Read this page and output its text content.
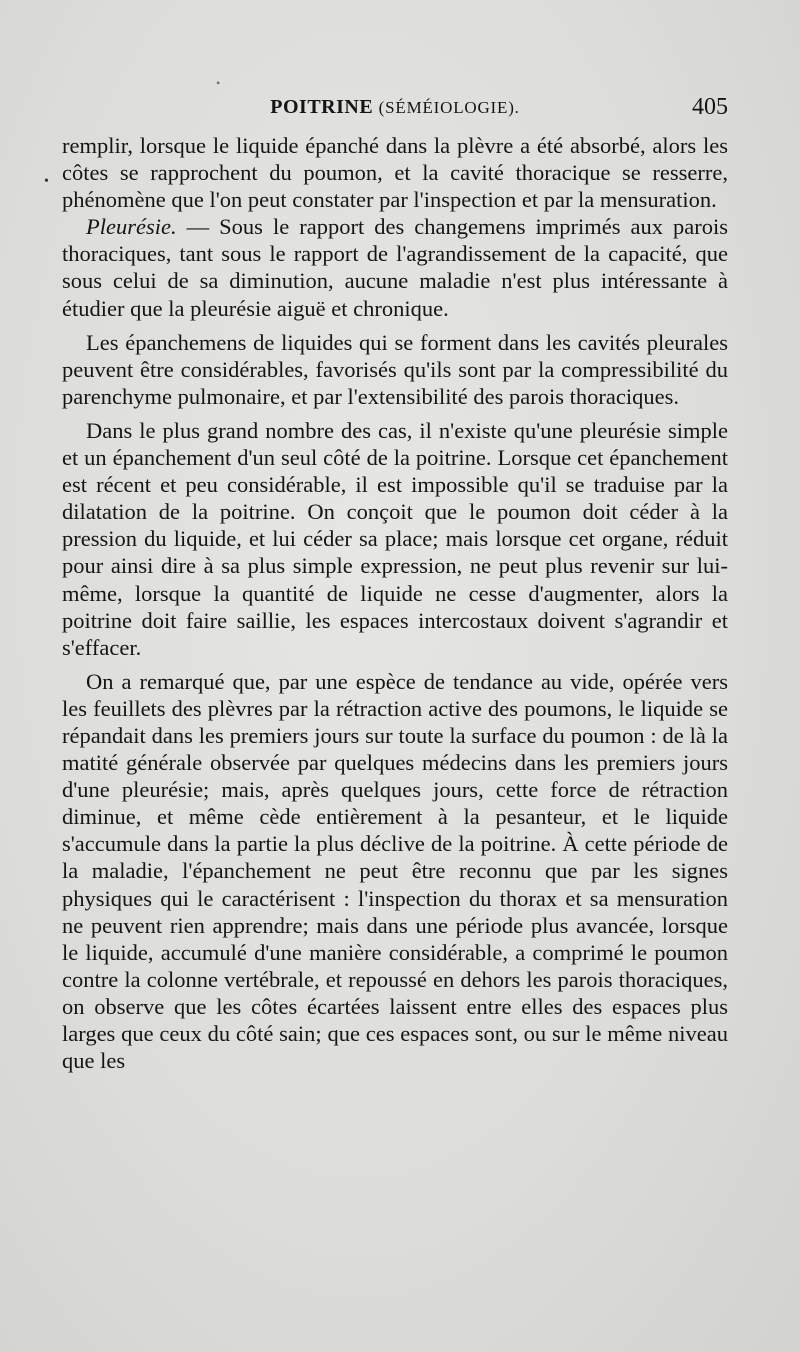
•
•
POITRINE (SÉMÉIOLOGIE).	405

remplir, lorsque le liquide épanché dans la plèvre a été absorbé, alors les côtes se rapprochent du poumon, et la cavité thoracique se resserre, phénomène que l'on peut constater par l'inspection et par la mensuration.

Pleurésie. — Sous le rapport des changemens imprimés aux parois thoraciques, tant sous le rapport de l'agrandissement de la capacité, que sous celui de sa diminution, aucune maladie n'est plus intéressante à étudier que la pleurésie aiguë et chronique.

Les épanchemens de liquides qui se forment dans les cavités pleurales peuvent être considérables, favorisés qu'ils sont par la compressibilité du parenchyme pulmonaire, et par l'extensibilité des parois thoraciques.

Dans le plus grand nombre des cas, il n'existe qu'une pleurésie simple et un épanchement d'un seul côté de la poitrine. Lorsque cet épanchement est récent et peu considérable, il est impossible qu'il se traduise par la dilatation de la poitrine. On conçoit que le poumon doit céder à la pression du liquide, et lui céder sa place; mais lorsque cet organe, réduit pour ainsi dire à sa plus simple expression, ne peut plus revenir sur lui-même, lorsque la quantité de liquide ne cesse d'augmenter, alors la poitrine doit faire saillie, les espaces intercostaux doivent s'agrandir et s'effacer.

On a remarqué que, par une espèce de tendance au vide, opérée vers les feuillets des plèvres par la rétraction active des poumons, le liquide se répandait dans les premiers jours sur toute la surface du poumon : de là la matité générale observée par quelques médecins dans les premiers jours d'une pleurésie; mais, après quelques jours, cette force de rétraction diminue, et même cède entièrement à la pesanteur, et le liquide s'accumule dans la partie la plus déclive de la poitrine. À cette période de la maladie, l'épanchement ne peut être reconnu que par les signes physiques qui le caractérisent : l'inspection du thorax et sa mensuration ne peuvent rien apprendre; mais dans une période plus avancée, lorsque le liquide, accumulé d'une manière considérable, a comprimé le poumon contre la colonne vertébrale, et repoussé en dehors les parois thoraciques, on observe que les côtes écartées laissent entre elles des espaces plus larges que ceux du côté sain; que ces espaces sont, ou sur le même niveau que les
